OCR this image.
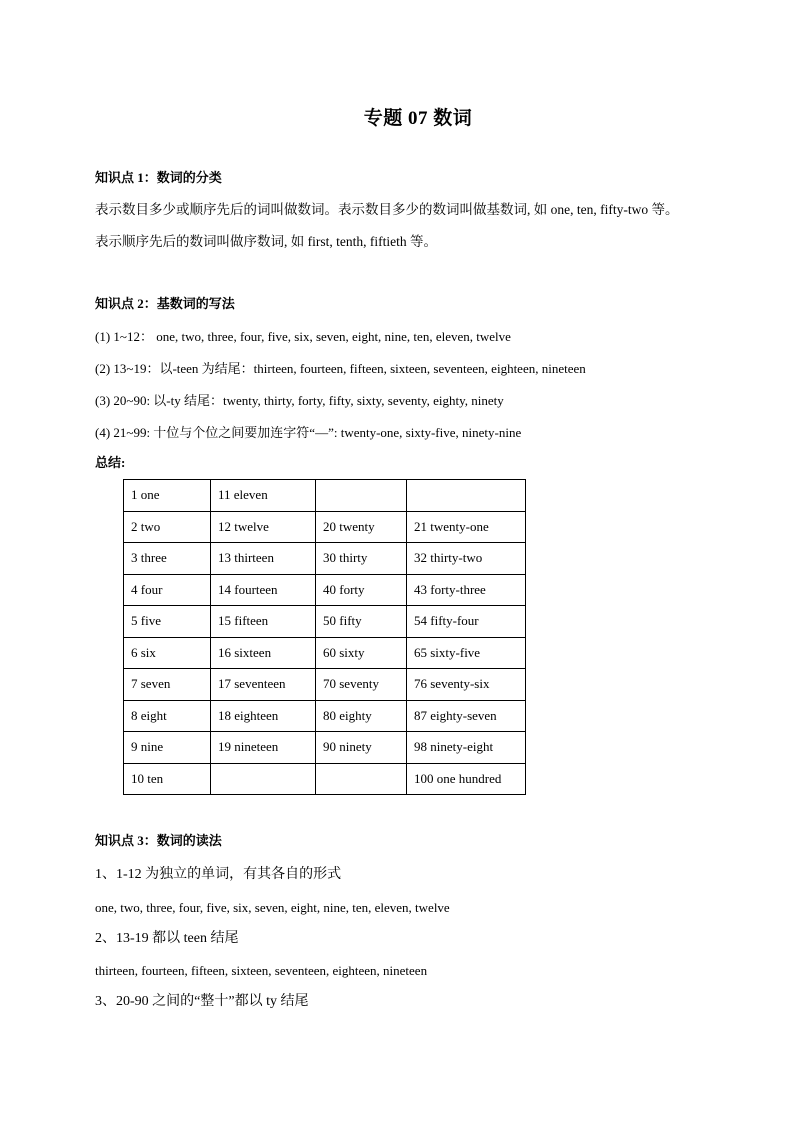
专题 07 数词
知识点 1：数词的分类
表示数目多少或顺序先后的词叫做数词。表示数目多少的数词叫做基数词, 如 one, ten, fifty-two 等。
表示顺序先后的数词叫做序数词, 如 first, tenth, fiftieth 等。
知识点 2：基数词的写法
(1) 1~12： one, two, three, four, five, six, seven, eight, nine, ten, eleven, twelve
(2) 13~19：以-teen 为结尾：thirteen, fourteen, fifteen, sixteen, seventeen, eighteen, nineteen
(3) 20~90: 以-ty 结尾：twenty, thirty, forty, fifty, sixty, seventy, eighty, ninety
(4) 21~99: 十位与个位之间要加连字符“—”: twenty-one, sixty-five, ninety-nine
总结:
1 one	11 eleven		
2 two	12 twelve	20 twenty	21 twenty-one
3 three	13 thirteen	30 thirty	32 thirty-two
4 four	14 fourteen	40 forty	43 forty-three
5 five	15 fifteen	50 fifty	54 fifty-four
6 six	16 sixteen	60 sixty	65 sixty-five
7 seven	17 seventeen	70 seventy	76 seventy-six
8 eight	18 eighteen	80 eighty	87 eighty-seven
9 nine	19 nineteen	90 ninety	98 ninety-eight
10 ten			100 one hundred
知识点 3：数词的读法
1、1-12 为独立的单词，有其各自的形式
one, two, three, four, five, six, seven, eight, nine, ten, eleven, twelve
2、13-19 都以 teen 结尾
thirteen, fourteen, fifteen, sixteen, seventeen, eighteen, nineteen
3、20-90 之间的“整十”都以 ty 结尾
